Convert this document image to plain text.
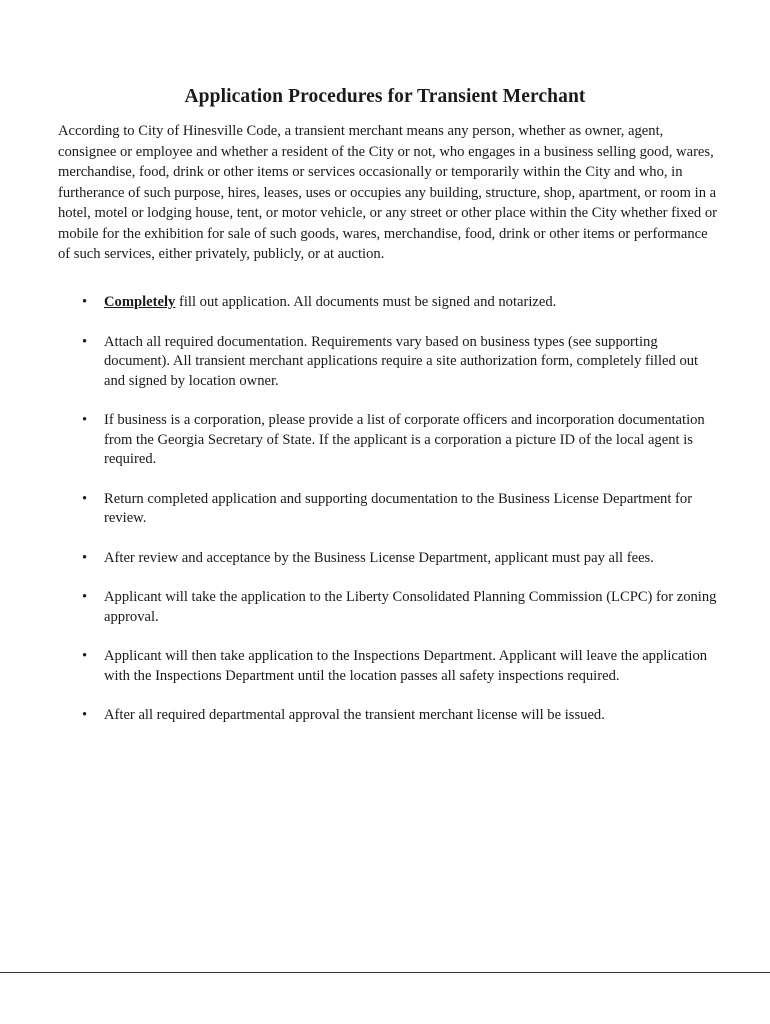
Application Procedures for Transient Merchant

According to City of Hinesville Code, a transient merchant means any person, whether as owner, agent, consignee or employee and whether a resident of the City or not, who engages in a business selling good, wares, merchandise, food, drink or other items or services occasionally or temporarily within the City and who, in furtherance of such purpose, hires, leases, uses or occupies any building, structure, shop, apartment, or room in a hotel, motel or lodging house, tent, or motor vehicle, or any street or other place within the City whether fixed or mobile for the exhibition for sale of such goods, wares, merchandise, food, drink or other items or performance of such services, either privately, publicly, or at auction.

• Completely fill out application. All documents must be signed and notarized.
• Attach all required documentation. Requirements vary based on business types (see supporting document). All transient merchant applications require a site authorization form, completely filled out and signed by location owner.
• If business is a corporation, please provide a list of corporate officers and incorporation documentation from the Georgia Secretary of State. If the applicant is a corporation a picture ID of the local agent is required.
• Return completed application and supporting documentation to the Business License Department for review.
• After review and acceptance by the Business License Department, applicant must pay all fees.
• Applicant will take the application to the Liberty Consolidated Planning Commission (LCPC) for zoning approval.
• Applicant will then take application to the Inspections Department. Applicant will leave the application with the Inspections Department until the location passes all safety inspections required.
• After all required departmental approval the transient merchant license will be issued.
